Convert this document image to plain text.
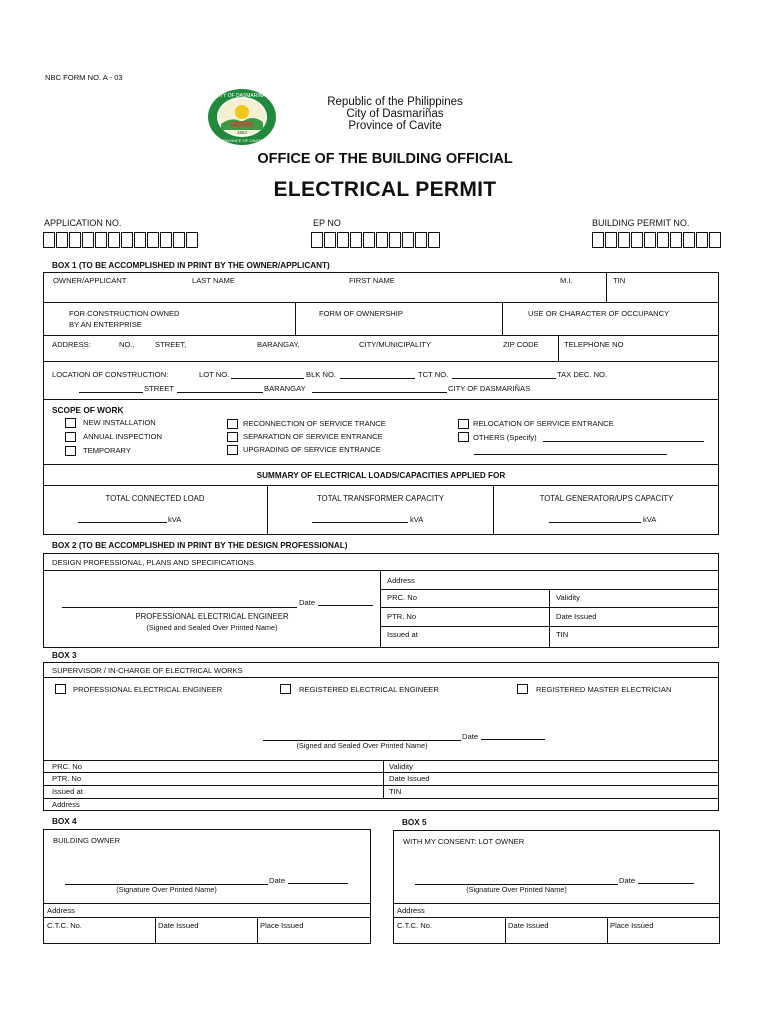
NBC FORM NO. A - 03
CITY OF DASMARIÑAS
PROVINCE OF CAVITE
1864
Republic of the Philippines
City of Dasmariñas
Province of Cavite
OFFICE OF THE BUILDING OFFICIAL
ELECTRICAL PERMIT
APPLICATION NO.	EP NO	BUILDING PERMIT NO.
BOX 1 (TO BE ACCOMPLISHED IN PRINT BY THE OWNER/APPLICANT)
OWNER/APPLICANT	LAST NAME	FIRST NAME	M.I.	TIN
FOR CONSTRUCTION OWNED
BY AN ENTERPRISE
FORM OF OWNERSHIP	USE OR CHARACTER OF OCCUPANCY
ADDRESS:	NO.,	STREET,	BARANGAY,	CITY/MUNICIPALITY	ZIP CODE	TELEPHONE NO
LOCATION OF CONSTRUCTION:	LOT NO.	BLK NO.	TCT NO.	TAX DEC. NO.
STREET	BARANGAY	CITY OF DASMARIÑAS
SCOPE OF WORK
NEW INSTALLATION
ANNUAL INSPECTION
TEMPORARY
RECONNECTION OF SERVICE TRANCE
SEPARATION OF SERVICE ENTRANCE
UPGRADING OF SERVICE ENTRANCE
RELOCATION OF SERVICE ENTRANCE
OTHERS (Specify)
SUMMARY OF ELECTRICAL LOADS/CAPACITIES APPLIED FOR
TOTAL CONNECTED LOAD
kVA
TOTAL TRANSFORMER CAPACITY
kVA
TOTAL GENERATOR/UPS CAPACITY
kVA
BOX 2 (TO BE ACCOMPLISHED IN PRINT BY THE DESIGN PROFESSIONAL)
DESIGN PROFESSIONAL, PLANS AND SPECIFICATIONS
Date
PROFESSIONAL ELECTRICAL ENGINEER
(Signed and Sealed Over Printed Name)
Address
PRC. No	Validity
PTR. No	Date Issued
Issued at	TIN
BOX 3
SUPERVISOR / IN-CHARGE OF ELECTRICAL WORKS
PROFESSIONAL ELECTRICAL ENGINEER	REGISTERED ELECTRICAL ENGINEER	REGISTERED MASTER ELECTRICIAN
Date
(Signed and Sealed Over Printed Name)
PRC. No	Validity
PTR. No	Date Issued
Issued at	TIN
Address
BOX 4
BUILDING OWNER
Date
(Signature Over Printed Name)
Address
C.T.C. No.	Date Issued	Place Issued
BOX 5
WITH MY CONSENT: LOT OWNER
Date
(Signature Over Printed Name)
Address
C.T.C. No.	Date Issued	Place Issued
